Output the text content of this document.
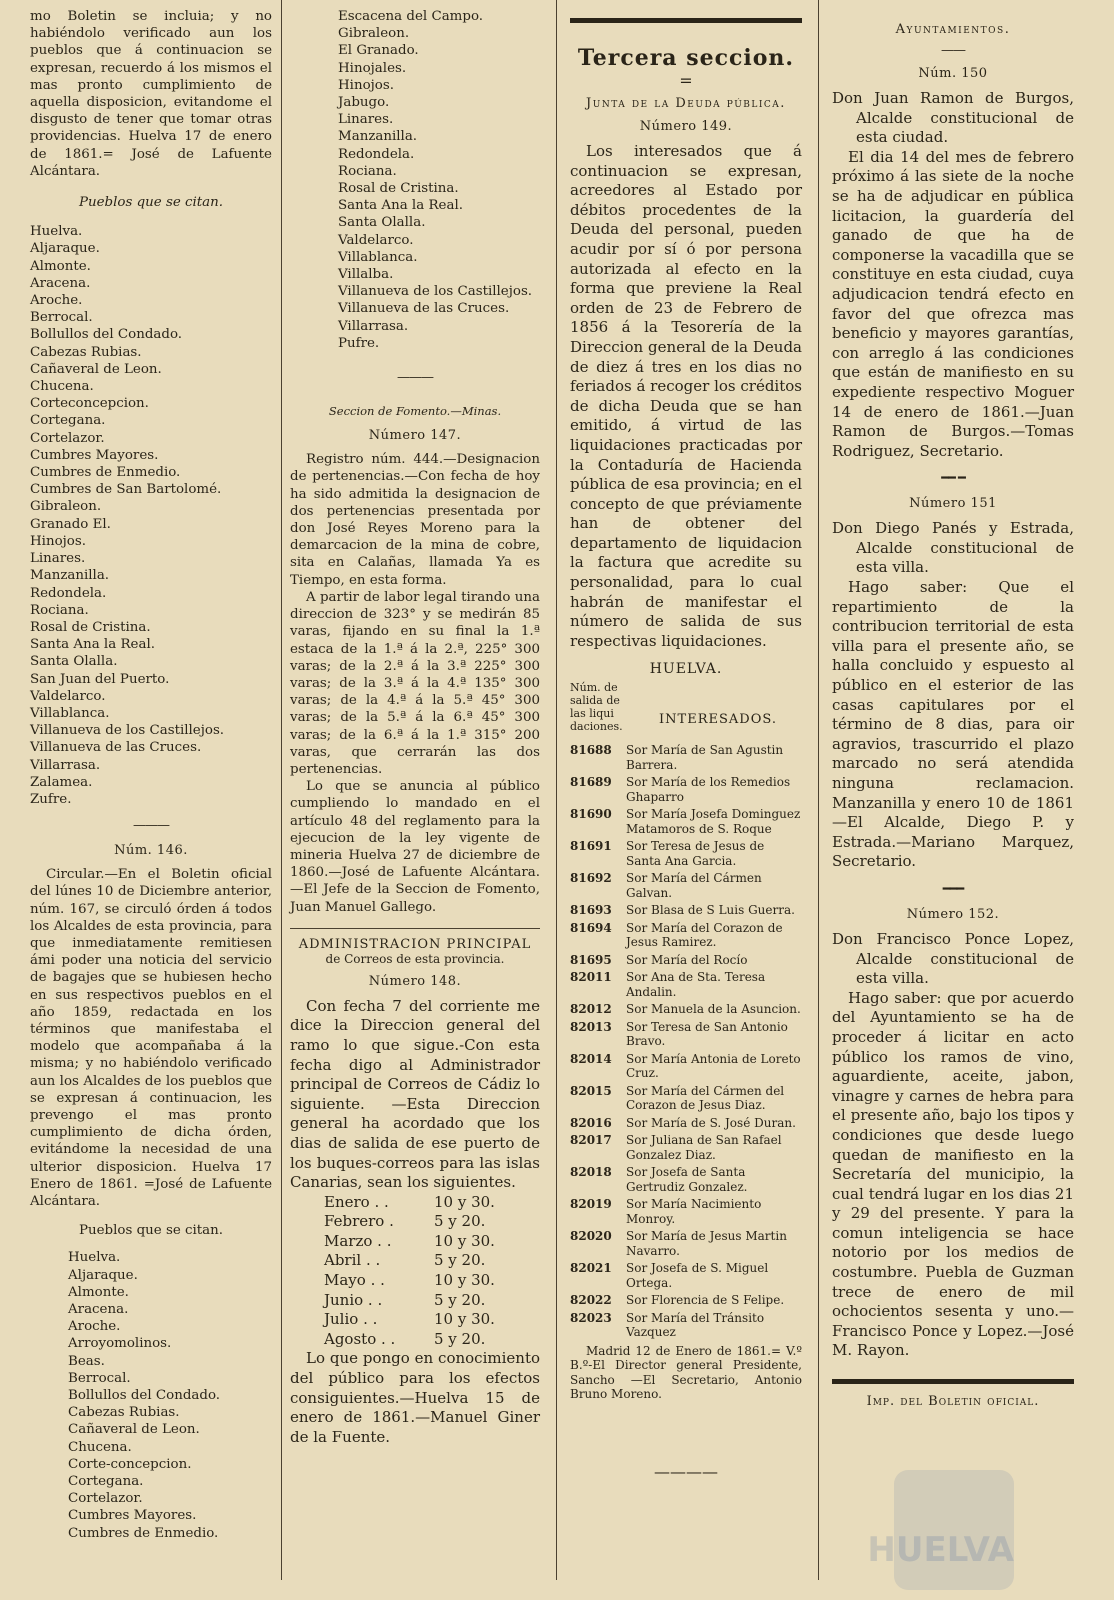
mo Boletin se incluia; y no habiéndolo verificado aun los pueblos que á continuacion se expresan, recuerdo á los mismos el mas pronto cumplimiento de aquella disposicion, evitandome el disgusto de tener que tomar otras providencias. Huelva 17 de enero de 1861.= José de Lafuente Alcántara.

Pueblos que se citan.

Huelva.
Aljaraque.
Almonte.
Aracena.
Aroche.
Berrocal.
Bollullos del Condado.
Cabezas Rubias.
Cañaveral de Leon.
Chucena.
Corteconcepcion.
Cortegana.
Cortelazor.
Cumbres Mayores.
Cumbres de Enmedio.
Cumbres de San Bartolomé.
Gibraleon.
Granado El.
Hinojos.
Linares.
Manzanilla.
Redondela.
Rociana.
Rosal de Cristina.
Santa Ana la Real.
Santa Olalla.
San Juan del Puerto.
Valdelarco.
Villablanca.
Villanueva de los Castillejos.
Villanueva de las Cruces.
Villarrasa.
Zalamea.
Zufre.
———
Núm. 146.

Circular.—En el Boletin oficial del lúnes 10 de Diciembre anterior, núm. 167, se circuló órden á todos los Alcaldes de esta provincia, para que inmediatamente remitiesen ámi poder una noticia del servicio de bagajes que se hubiesen hecho en sus respectivos pueblos en el año 1859, redactada en los términos que manifestaba el modelo que acompañaba á la misma; y no habiéndolo verificado aun los Alcaldes de los pueblos que se expresan á continuacion, les prevengo el mas pronto cumplimiento de dicha órden, evitándome la necesidad de una ulterior disposicion. Huelva 17 Enero de 1861. =José de Lafuente Alcántara.

Pueblos que se citan.

Huelva.
Aljaraque.
Almonte.
Aracena.
Aroche.
Arroyomolinos.
Beas.
Berrocal.
Bollullos del Condado.
Cabezas Rubias.
Cañaveral de Leon.
Chucena.
Corte-concepcion.
Cortegana.
Cortelazor.
Cumbres Mayores.
Cumbres de Enmedio.
Escacena del Campo.
Gibraleon.
El Granado.
Hinojales.
Hinojos.
Jabugo.
Linares.
Manzanilla.
Redondela.
Rociana.
Rosal de Cristina.
Santa Ana la Real.
Santa Olalla.
Valdelarco.
Villablanca.
Villalba.
Villanueva de los Castillejos.
Villanueva de las Cruces.
Villarrasa.
Pufre.
———
Seccion de Fomento.—Minas.
Número 147.

Registro núm. 444.—Designacion de pertenencias.—Con fecha de hoy ha sido admitida la designacion de dos pertenencias presentada por don José Reyes Moreno para la demarcacion de la mina de cobre, sita en Calañas, llamada Ya es Tiempo, en esta forma.

A partir de labor legal tirando una direccion de 323° y se medirán 85 varas, fijando en su final la 1.ª estaca de la 1.ª á la 2.ª, 225° 300 varas; de la 2.ª á la 3.ª 225° 300 varas; de la 3.ª á la 4.ª 135° 300 varas; de la 4.ª á la 5.ª 45° 300 varas; de la 5.ª á la 6.ª 45° 300 varas; de la 6.ª á la 1.ª 315° 200 varas, que cerrarán las dos pertenencias.

Lo que se anuncia al público cumpliendo lo mandado en el artículo 48 del reglamento para la ejecucion de la ley vigente de mineria Huelva 27 de diciembre de 1860.—José de Lafuente Alcántara.—El Jefe de la Seccion de Fomento, Juan Manuel Gallego.

ADMINISTRACION PRINCIPAL
de Correos de esta provincia.
Número 148.

Con fecha 7 del corriente me dice la Direccion general del ramo lo que sigue.-Con esta fecha digo al Administrador principal de Correos de Cádiz lo siguiente. —Esta Direccion general ha acordado que los dias de salida de ese puerto de los buques-correos para las islas Canarias, sean los siguientes.

Enero . .	10 y 30.
Febrero .	5 y 20.
Marzo . .	10 y 30.
Abril . .	5 y 20.
Mayo . .	10 y 30.
Junio . .	5 y 20.
Julio . .	10 y 30.
Agosto . .	5 y 20.

Lo que pongo en conocimiento del público para los efectos consiguientes.—Huelva 15 de enero de 1861.—Manuel Giner de la Fuente.

Tercera seccion.
=
Junta de la Deuda pública.
Número 149.

Los interesados que á continuacion se expresan, acreedores al Estado por débitos procedentes de la Deuda del personal, pueden acudir por sí ó por persona autorizada al efecto en la forma que previene la Real orden de 23 de Febrero de 1856 á la Tesorería de la Direccion general de la Deuda de diez á tres en los dias no feriados á recoger los créditos de dicha Deuda que se han emitido, á virtud de las liquidaciones practicadas por la Contaduría de Hacienda pública de esa provincia; en el concepto de que préviamente han de obtener del departamento de liquidacion la factura que acredite su personalidad, para lo cual habrán de manifestar el número de salida de sus respectivas liquidaciones.

HUELVA.
Núm. de salida de las liqui daciones.	INTERESADOS.
81688	Sor María de San Agustin Barrera.
81689	Sor María de los Remedios Ghaparro
81690	Sor María Josefa Dominguez Matamoros de S. Roque
81691	Sor Teresa de Jesus de Santa Ana Garcia.
81692	Sor María del Cármen Galvan.
81693	Sor Blasa de S Luis Guerra.
81694	Sor María del Corazon de Jesus Ramirez.
81695	Sor María del Rocío
82011	Sor Ana de Sta. Teresa Andalin.
82012	Sor Manuela de la Asuncion.
82013	Sor Teresa de San Antonio Bravo.
82014	Sor María Antonia de Loreto Cruz.
82015	Sor María del Cármen del Corazon de Jesus Diaz.
82016	Sor María de S. José Duran.
82017	Sor Juliana de San Rafael Gonzalez Diaz.
82018	Sor Josefa de Santa Gertrudiz Gonzalez.
82019	Sor María Nacimiento Monroy.
82020	Sor María de Jesus Martin Navarro.
82021	Sor Josefa de S. Miguel Ortega.
82022	Sor Florencia de S Felipe.
82023	Sor María del Tránsito Vazquez

Madrid 12 de Enero de 1861.= V.º B.º-El Director general Presidente, Sancho —El Secretario, Antonio Bruno Moreno.

————
Ayuntamientos.
——
Núm. 150

Don Juan Ramon de Burgos, Alcalde constitucional de esta ciudad.

El dia 14 del mes de febrero próximo á las siete de la noche se ha de adjudicar en pública licitacion, la guardería del ganado de que ha de componerse la vacadilla que se constituye en esta ciudad, cuya adjudicacion tendrá efecto en favor del que ofrezca mas beneficio y mayores garantías, con arreglo á las condiciones que están de manifiesto en su expediente respectivo Moguer 14 de enero de 1861.—Juan Ramon de Burgos.—Tomas Rodriguez, Secretario.

━━ ━
Número 151

Don Diego Panés y Estrada, Alcalde constitucional de esta villa.

Hago saber: Que el repartimiento de la contribucion territorial de esta villa para el presente año, se halla concluido y espuesto al público en el esterior de las casas capitulares por el término de 8 dias, para oir agravios, trascurrido el plazo marcado no será atendida ninguna reclamacion. Manzanilla y enero 10 de 1861 —El Alcalde, Diego P. y Estrada.—Mariano Marquez, Secretario.

━━━
Número 152.

Don Francisco Ponce Lopez, Alcalde constitucional de esta villa.

Hago saber: que por acuerdo del Ayuntamiento se ha de proceder á licitar en acto público los ramos de vino, aguardiente, aceite, jabon, vinagre y carnes de hebra para el presente año, bajo los tipos y condiciones que desde luego quedan de manifiesto en la Secretaría del municipio, la cual tendrá lugar en los dias 21 y 29 del presente. Y para la comun inteligencia se hace notorio por los medios de costumbre. Puebla de Guzman trece de enero de mil ochocientos sesenta y uno.—Francisco Ponce y Lopez.—José M. Rayon.

Imp. del Boletin oficial.
HUELVA
